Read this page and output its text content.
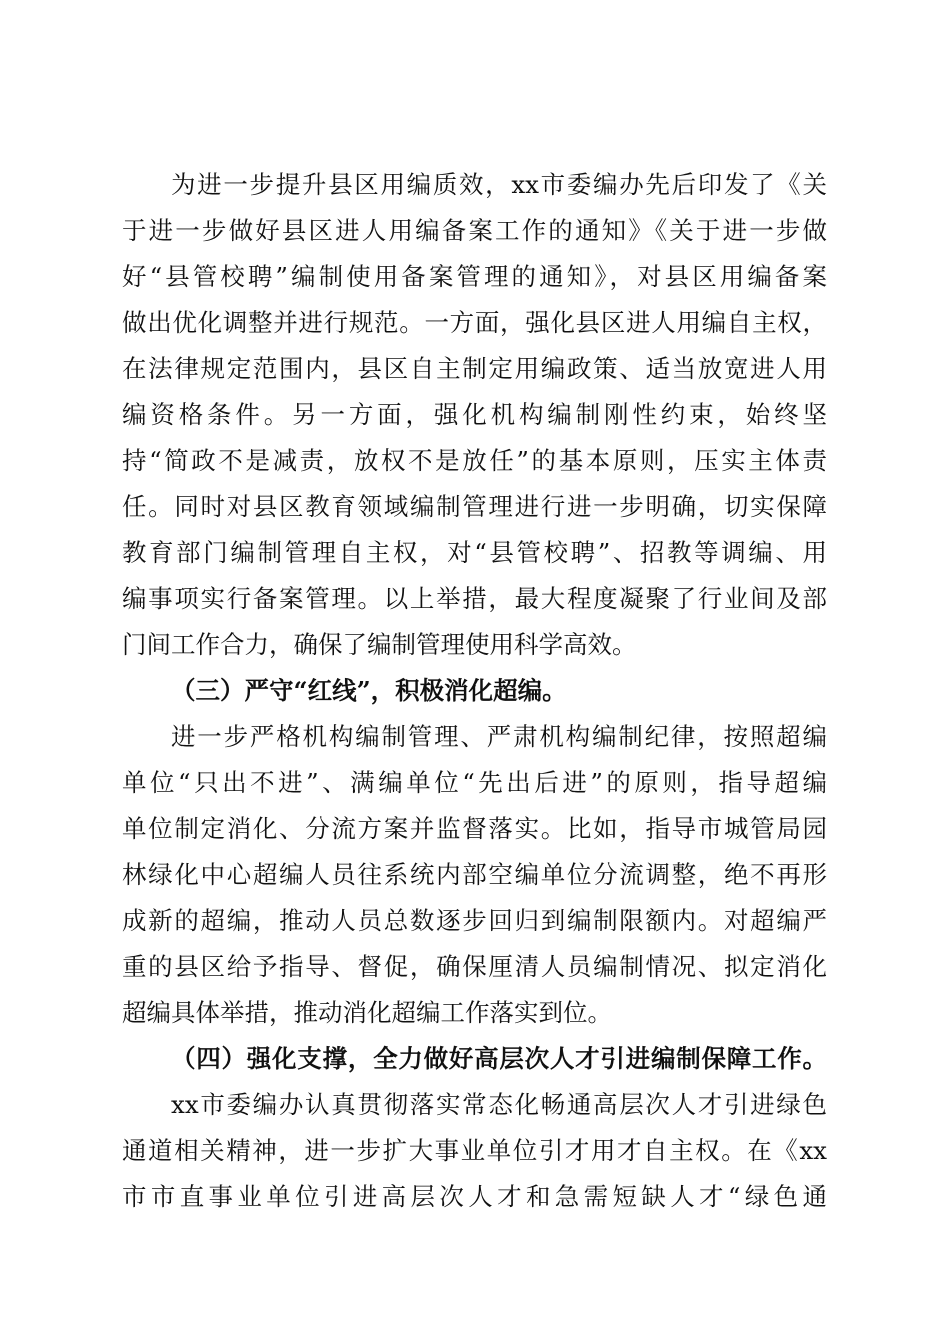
为进一步提升县区用编质效，xx市委编办先后印发了《关
于进一步做好县区进人用编备案工作的通知》《关于进一步做
好“县管校聘”编制使用备案管理的通知》，对县区用编备案
做出优化调整并进行规范。一方面，强化县区进人用编自主权，
在法律规定范围内，县区自主制定用编政策、适当放宽进人用
编资格条件。另一方面，强化机构编制刚性约束，始终坚
持“简政不是减责，放权不是放任”的基本原则，压实主体责
任。同时对县区教育领域编制管理进行进一步明确，切实保障
教育部门编制管理自主权，对“县管校聘”、招教等调编、用
编事项实行备案管理。以上举措，最大程度凝聚了行业间及部
门间工作合力，确保了编制管理使用科学高效。
（三）严守“红线”，积极消化超编。
进一步严格机构编制管理、严肃机构编制纪律，按照超编
单位“只出不进”、满编单位“先出后进”的原则，指导超编
单位制定消化、分流方案并监督落实。比如，指导市城管局园
林绿化中心超编人员往系统内部空编单位分流调整，绝不再形
成新的超编，推动人员总数逐步回归到编制限额内。对超编严
重的县区给予指导、督促，确保厘清人员编制情况、拟定消化
超编具体举措，推动消化超编工作落实到位。
（四）强化支撑，全力做好高层次人才引进编制保障工作。
xx市委编办认真贯彻落实常态化畅通高层次人才引进绿色
通道相关精神，进一步扩大事业单位引才用才自主权。在《xx
市市直事业单位引进高层次人才和急需短缺人才“绿色通
